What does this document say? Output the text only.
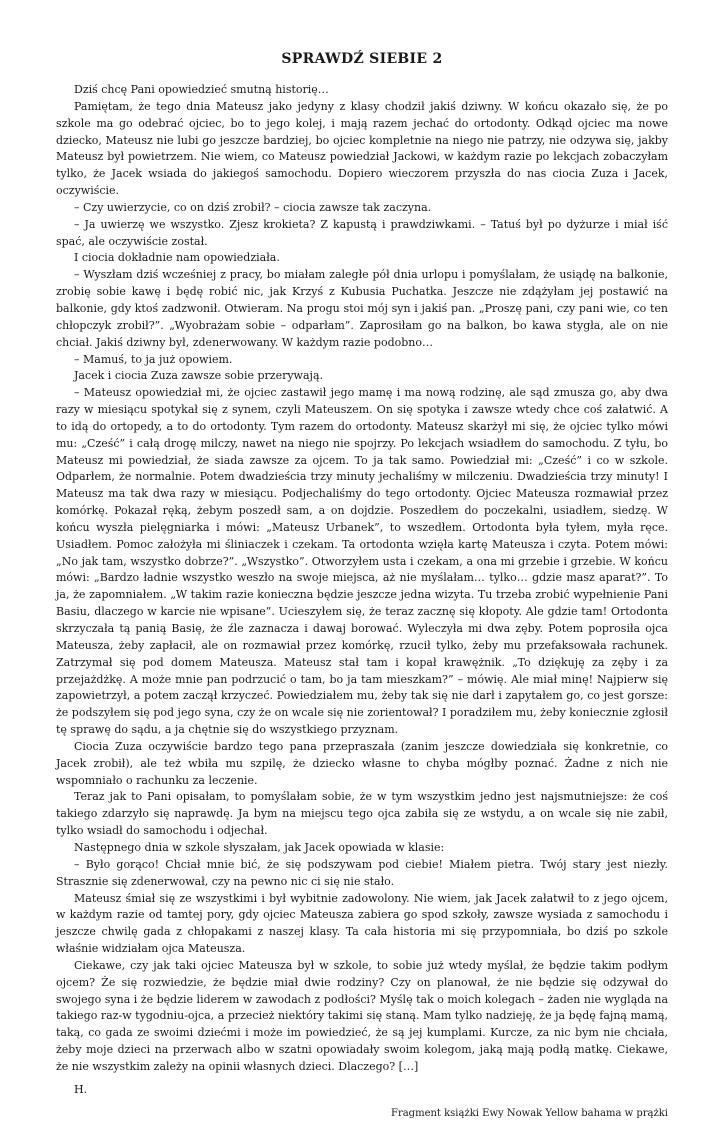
SPRAWDŹ SIEBIE 2

Dziś chcę Pani opowiedzieć smutną historię…

Pamiętam, że tego dnia Mateusz jako jedyny z klasy chodził jakiś dziwny. W końcu okazało się, że po szkole ma go odebrać ojciec, bo to jego kolej, i mają razem jechać do ortodonty. Odkąd ojciec ma nowe dziecko, Mateusz nie lubi go jeszcze bardziej, bo ojciec kompletnie na niego nie patrzy, nie odzywa się, jakby Mateusz był powietrzem. Nie wiem, co Mateusz powiedział Jackowi, w każdym razie po lekcjach zobaczyłam tylko, że Jacek wsiada do jakiegoś samochodu. Dopiero wieczorem przyszła do nas ciocia Zuza i Jacek, oczywiście.

– Czy uwierzycie, co on dziś zrobił? – ciocia zawsze tak zaczyna.

– Ja uwierzę we wszystko. Zjesz krokieta? Z kapustą i prawdziwkami. – Tatuś był po dyżurze i miał iść spać, ale oczywiście został.

I ciocia dokładnie nam opowiedziała.

– Wyszłam dziś wcześniej z pracy, bo miałam zaległe pół dnia urlopu i pomyślałam, że usiądę na balkonie, zrobię sobie kawę i będę robić nic, jak Krzyś z Kubusia Puchatka. Jeszcze nie zdążyłam jej postawić na balkonie, gdy ktoś zadzwonił. Otwieram. Na progu stoi mój syn i jakiś pan. „Proszę pani, czy pani wie, co ten chłopczyk zrobił?”. „Wyobrażam sobie – odparłam”. Zaprosiłam go na balkon, bo kawa stygła, ale on nie chciał. Jakiś dziwny był, zdenerwowany. W każdym razie podobno…

– Mamuś, to ja już opowiem.

Jacek i ciocia Zuza zawsze sobie przerywają.

– Mateusz opowiedział mi, że ojciec zastawił jego mamę i ma nową rodzinę, ale sąd zmusza go, aby dwa razy w miesiącu spotykał się z synem, czyli Mateuszem. On się spotyka i zawsze wtedy chce coś załatwić. A to idą do ortopedy, a to do ortodonty. Tym razem do ortodonty. Mateusz skarżył mi się, że ojciec tylko mówi mu: „Cześć” i całą drogę milczy, nawet na niego nie spojrzy. Po lekcjach wsiadłem do samochodu. Z tyłu, bo Mateusz mi powiedział, że siada zawsze za ojcem. To ja tak samo. Powiedział mi: „Cześć” i co w szkole. Odparłem, że normalnie. Potem dwadzieścia trzy minuty jechaliśmy w milczeniu. Dwadzieścia trzy minuty! I Mateusz ma tak dwa razy w miesiącu. Podjechaliśmy do tego ortodonty. Ojciec Mateusza rozmawiał przez komórkę. Pokazał ręką, żebym poszedł sam, a on dojdzie. Poszedłem do poczekalni, usiadłem, siedzę. W końcu wyszła pielęgniarka i mówi: „Mateusz Urbanek”, to wszedłem. Ortodonta była tyłem, myła ręce. Usiadłem. Pomoc założyła mi śliniaczek i czekam. Ta ortodonta wzięła kartę Mateusza i czyta. Potem mówi: „No jak tam, wszystko dobrze?”. „Wszystko”. Otworzyłem usta i czekam, a ona mi grzebie i grzebie. W końcu mówi: „Bardzo ładnie wszystko weszło na swoje miejsca, aż nie myślałam… tylko… gdzie masz aparat?”. To ja, że zapomniałem. „W takim razie konieczna będzie jeszcze jedna wizyta. Tu trzeba zrobić wypełnienie Pani Basiu, dlaczego w karcie nie wpisane”. Ucieszyłem się, że teraz zacznę się kłopoty. Ale gdzie tam! Ortodonta skrzyczała tą panią Basię, że źle zaznacza i dawaj borować. Wyleczyła mi dwa zęby. Potem poprosiła ojca Mateusza, żeby zapłacił, ale on rozmawiał przez komórkę, rzucił tylko, żeby mu przefaksowała rachunek. Zatrzymał się pod domem Mateusza. Mateusz stał tam i kopał krawężnik. „To dziękuję za zęby i za przejażdżkę. A może mnie pan podrzucić o tam, bo ja tam mieszkam?” – mówię. Ale miał minę! Najpierw się zapowietrzył, a potem zaczął krzyczeć. Powiedziałem mu, żeby tak się nie darł i zapytałem go, co jest gorsze: że podszyłem się pod jego syna, czy że on wcale się nie zorientował? I poradziłem mu, żeby koniecznie zgłosił tę sprawę do sądu, a ja chętnie się do wszystkiego przyznam.

Ciocia Zuza oczywiście bardzo tego pana przepraszała (zanim jeszcze dowiedziała się konkretnie, co Jacek zrobił), ale też wbiła mu szpilę, że dziecko własne to chyba mógłby poznać. Żadne z nich nie wspomniało o rachunku za leczenie.

Teraz jak to Pani opisałam, to pomyślałam sobie, że w tym wszystkim jedno jest najsmutniejsze: że coś takiego zdarzyło się naprawdę. Ja bym na miejscu tego ojca zabiła się ze wstydu, a on wcale się nie zabił, tylko wsiadł do samochodu i odjechał.

Następnego dnia w szkole słyszałam, jak Jacek opowiada w klasie:

– Było gorąco! Chciał mnie bić, że się podszywam pod ciebie! Miałem pietra. Twój stary jest niezły. Strasznie się zdenerwował, czy na pewno nic ci się nie stało.

Mateusz śmiał się ze wszystkimi i był wybitnie zadowolony. Nie wiem, jak Jacek załatwił to z jego ojcem, w każdym razie od tamtej pory, gdy ojciec Mateusza zabiera go spod szkoły, zawsze wysiada z samochodu i jeszcze chwilę gada z chłopakami z naszej klasy. Ta cała historia mi się przypomniała, bo dziś po szkole właśnie widziałam ojca Mateusza.

Ciekawe, czy jak taki ojciec Mateusza był w szkole, to sobie już wtedy myślał, że będzie takim podłym ojcem? Że się rozwiedzie, że będzie miał dwie rodziny? Czy on planował, że nie będzie się odzywał do swojego syna i że będzie liderem w zawodach z podłości? Myślę tak o moich kolegach – żaden nie wygląda na takiego raz-w tygodniu-ojca, a przecież niektóry takimi się staną. Mam tylko nadzieję, że ja będę fajną mamą, taką, co gada ze swoimi dziećmi i może im powiedzieć, że są jej kumplami. Kurcze, za nic bym nie chciała, żeby moje dzieci na przerwach albo w szatni opowiadały swoim kolegom, jaką mają podłą matkę. Ciekawe, że nie wszystkim zależy na opinii własnych dzieci. Dlaczego? […]

H.
Fragment książki Ewy Nowak Yellow bahama w prążki
